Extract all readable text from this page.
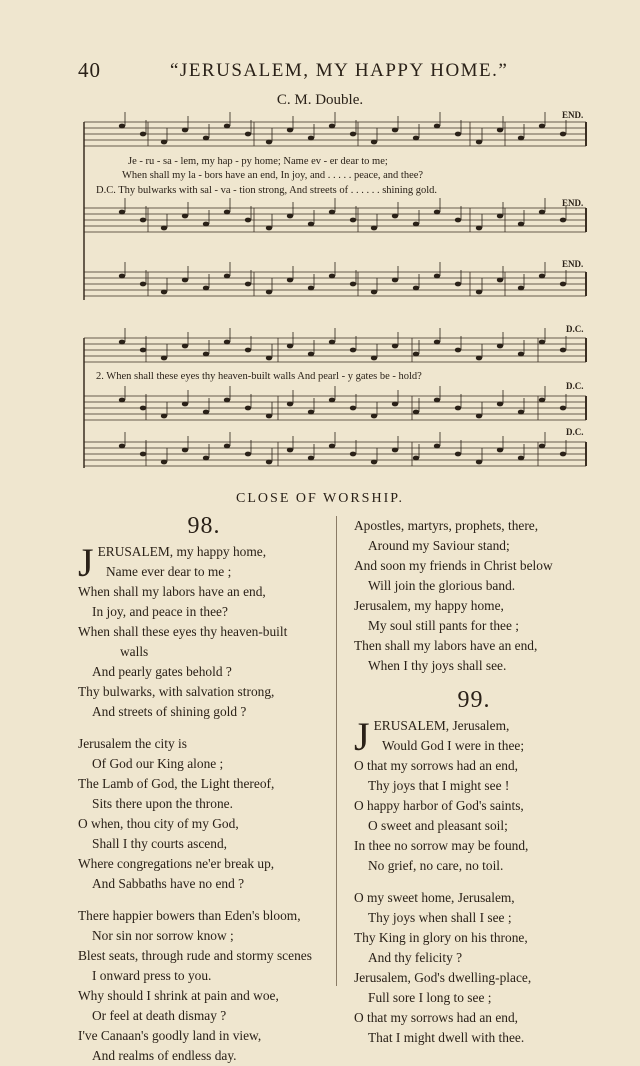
40	“JERUSALEM, MY HAPPY HOME.”
C. M. Double.
Je - ru - sa - lem, my hap - py home; Name ev - er dear to me;
When shall my la - bors have an end, In joy, and . . . . . peace, and thee?
D.C. Thy bulwarks with sal - va - tion strong, And streets of . . . . . . shining gold.
2. When shall these eyes thy heaven-built walls And pearl - y gates be - hold?
END.
END.
END.
D.C.
D.C.
D.C.
CLOSE OF WORSHIP.
98.
JERUSALEM, my happy home,
Name ever dear to me ;
When shall my labors have an end,
In joy, and peace in thee?
When shall these eyes thy heaven-built
walls
And pearly gates behold ?
Thy bulwarks, with salvation strong,
And streets of shining gold ?
Jerusalem the city is
Of God our King alone ;
The Lamb of God, the Light thereof,
Sits there upon the throne.
O when, thou city of my God,
Shall I thy courts ascend,
Where congregations ne'er break up,
And Sabbaths have no end ?
There happier bowers than Eden's bloom,
Nor sin nor sorrow know ;
Blest seats, through rude and stormy scenes
I onward press to you.
Why should I shrink at pain and woe,
Or feel at death dismay ?
I've Canaan's goodly land in view,
And realms of endless day.
Apostles, martyrs, prophets, there,
Around my Saviour stand;
And soon my friends in Christ below
Will join the glorious band.
Jerusalem, my happy home,
My soul still pants for thee ;
Then shall my labors have an end,
When I thy joys shall see.
99.
JERUSALEM, Jerusalem,
Would God I were in thee;
O that my sorrows had an end,
Thy joys that I might see !
O happy harbor of God's saints,
O sweet and pleasant soil;
In thee no sorrow may be found,
No grief, no care, no toil.
O my sweet home, Jerusalem,
Thy joys when shall I see ;
Thy King in glory on his throne,
And thy felicity ?
Jerusalem, God's dwelling-place,
Full sore I long to see ;
O that my sorrows had an end,
That I might dwell with thee.
